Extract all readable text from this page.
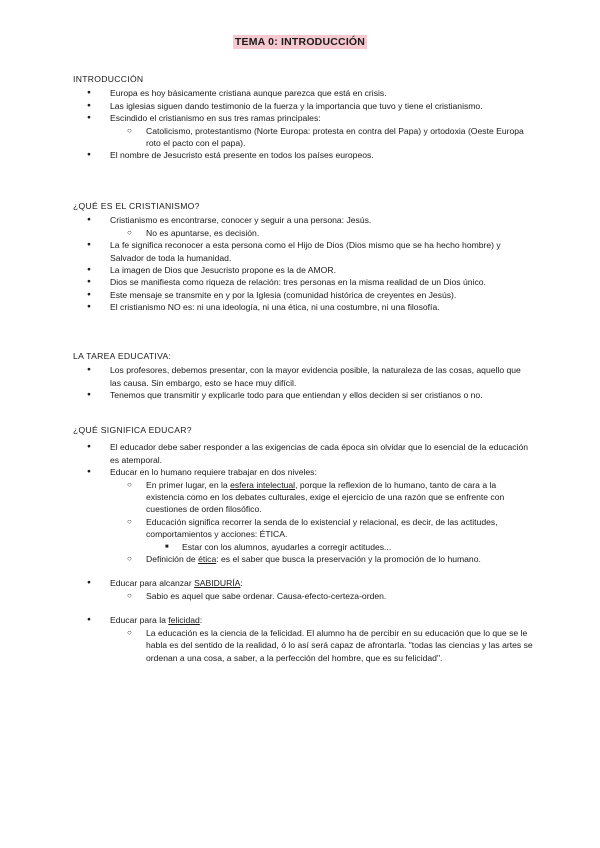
TEMA 0: INTRODUCCIÓN
INTRODUCCIÓN
● Europa es hoy básicamente cristiana aunque parezca que está en crisis.
● Las iglesias siguen dando testimonio de la fuerza y la importancia que tuvo y tiene el cristianismo.
● Escindido el cristianismo en sus tres ramas principales:
○ Catolicismo, protestantismo (Norte Europa: protesta en contra del Papa) y ortodoxia (Oeste Europa roto el pacto con el papa).
● El nombre de Jesucristo está presente en todos los países europeos.
¿QUÉ ES EL CRISTIANISMO?
● Cristianismo es encontrarse, conocer y seguir a una persona: Jesús.
○ No es apuntarse, es decisión.
● La fe significa reconocer a esta persona como el Hijo de Dios (Dios mismo que se ha hecho hombre) y Salvador de toda la humanidad.
● La imagen de Dios que Jesucristo propone es la de AMOR.
● Dios se manifiesta como riqueza de relación: tres personas en la misma realidad de un Dios único.
● Este mensaje se transmite en y por la Iglesia (comunidad histórica de creyentes en Jesús).
● El cristianismo NO es: ni una ideología, ni una ética, ni una costumbre, ni una filosofía.
LA TAREA EDUCATIVA:
● Los profesores, debemos presentar, con la mayor evidencia posible, la naturaleza de las cosas, aquello que las causa. Sin embargo, esto se hace muy difícil.
● Tenemos que transmitir y explicarle todo para que entiendan y ellos deciden si ser cristianos o no.
¿QUÉ SIGNIFICA EDUCAR?
● El educador debe saber responder a las exigencias de cada época sin olvidar que lo esencial de la educación es atemporal.
● Educar en lo humano requiere trabajar en dos niveles:
○ En primer lugar, en la esfera intelectual, porque la reflexion de lo humano, tanto de cara a la existencia como en los debates culturales, exige el ejercicio de una razón que se enfrente con cuestiones de orden filosófico.
○ Educación significa recorrer la senda de lo existencial y relacional, es decir, de las actitudes, comportamientos y acciones: ÉTICA.
■ Estar con los alumnos, ayudarles a corregir actitudes...
○ Definición de ética: es el saber que busca la preservación y la promoción de lo humano.
● Educar para alcanzar SABIDURÍA:
○ Sabio es aquel que sabe ordenar. Causa-efecto-certeza-orden.
● Educar para la felicidad:
○ La educación es la ciencia de la felicidad. El alumno ha de percibir en su educación que lo que se le habla es del sentido de la realidad, ó lo así será capaz de afrontarla. "todas las ciencias y las artes se ordenan a una cosa, a saber, a la perfección del hombre, que es su felicidad".
